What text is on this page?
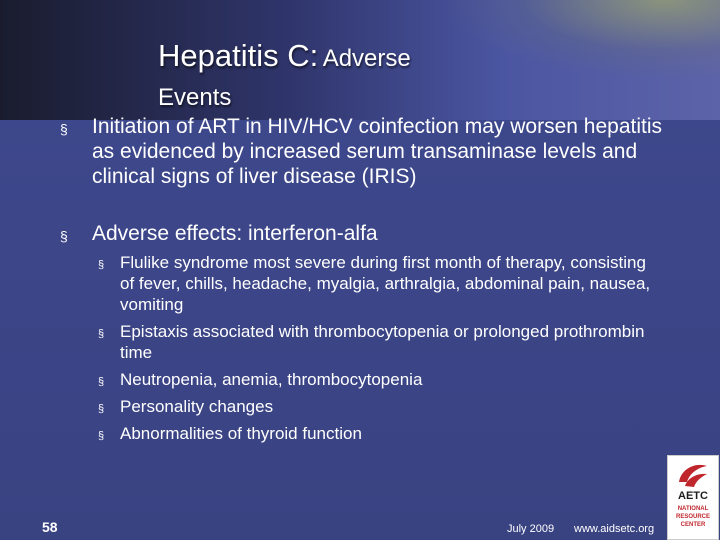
Hepatitis C: Adverse
Events
§	Initiation of ART in HIV/HCV coinfection may worsen hepatitis as evidenced by increased serum transaminase levels and clinical signs of liver disease (IRIS)
§	Adverse effects: interferon-alfa
§ Flulike syndrome most severe during first month of therapy, consisting of fever, chills, headache, myalgia, arthralgia, abdominal pain, nausea, vomiting
§ Epistaxis associated with thrombocytopenia or prolonged prothrombin time
§ Neutropenia, anemia, thrombocytopenia
§ Personality changes
§ Abnormalities of thyroid function
58	July 2009 www.aidsetc.org
AETC
NATIONAL
RESOURCE
CENTER
